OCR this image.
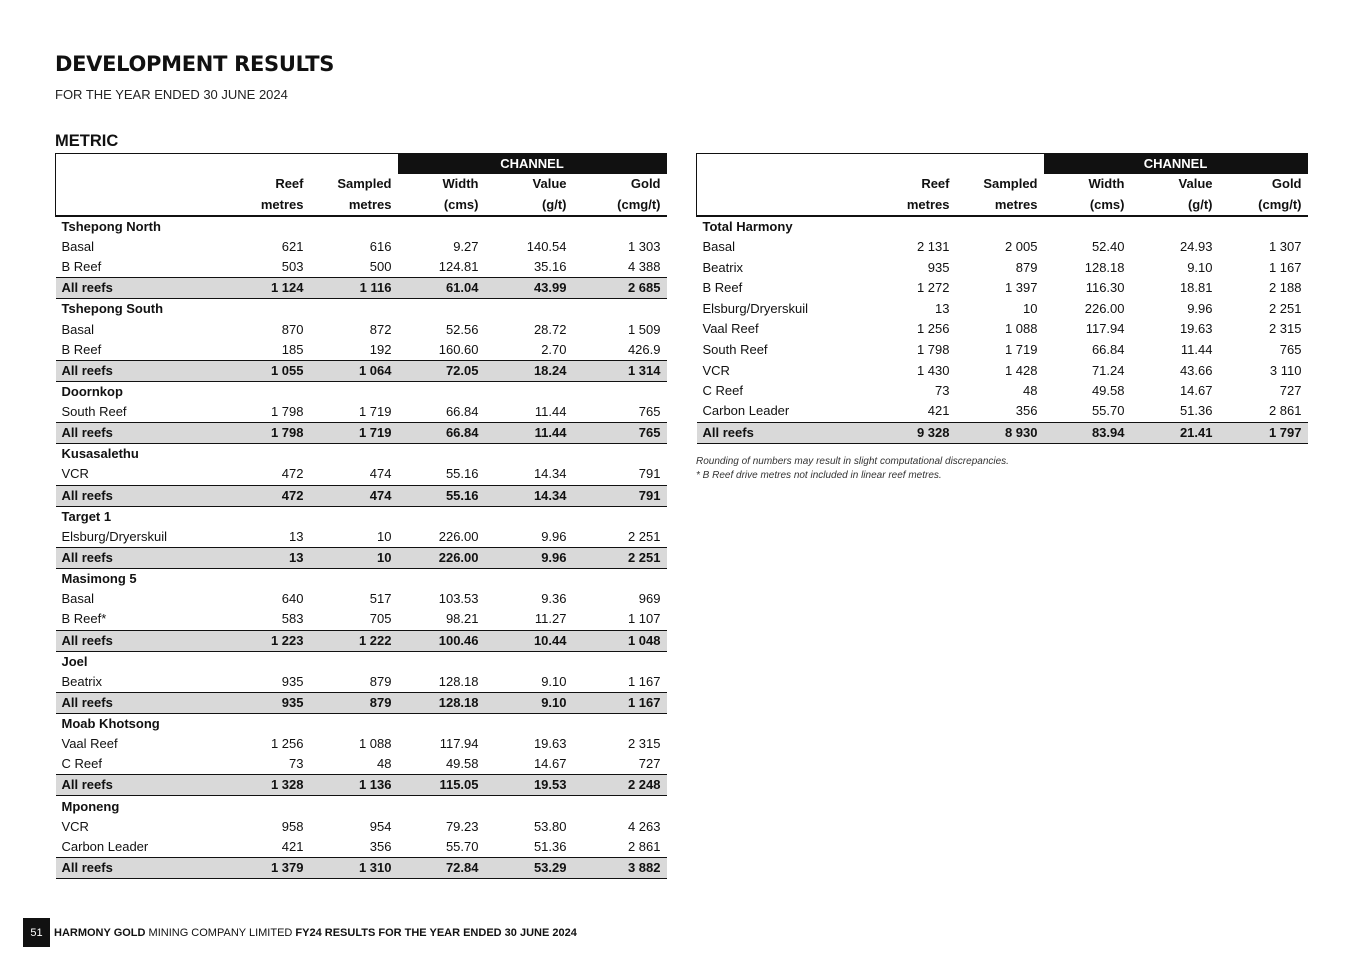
DEVELOPMENT RESULTS
FOR THE YEAR ENDED 30 JUNE 2024
METRIC
			CHANNEL		
	Reef	Sampled	Width	Value	Gold
	metres	metres	(cms)	(g/t)	(cmg/t)
Tshepong North					
Basal	621	616	9.27	140.54	1 303
B Reef	503	500	124.81	35.16	4 388
All reefs	1 124	1 116	61.04	43.99	2 685
Tshepong South					
Basal	870	872	52.56	28.72	1 509
B Reef	185	192	160.60	2.70	426.9
All reefs	1 055	1 064	72.05	18.24	1 314
Doornkop					
South Reef	1 798	1 719	66.84	11.44	765
All reefs	1 798	1 719	66.84	11.44	765
Kusasalethu					
VCR	472	474	55.16	14.34	791
All reefs	472	474	55.16	14.34	791
Target 1					
Elsburg/Dryerskuil	13	10	226.00	9.96	2 251
All reefs	13	10	226.00	9.96	2 251
Masimong 5					
Basal	640	517	103.53	9.36	969
B Reef*	583	705	98.21	11.27	1 107
All reefs	1 223	1 222	100.46	10.44	1 048
Joel					
Beatrix	935	879	128.18	9.10	1 167
All reefs	935	879	128.18	9.10	1 167
Moab Khotsong					
Vaal Reef	1 256	1 088	117.94	19.63	2 315
C Reef	73	48	49.58	14.67	727
All reefs	1 328	1 136	115.05	19.53	2 248
Mponeng					
VCR	958	954	79.23	53.80	4 263
Carbon Leader	421	356	55.70	51.36	2 861
All reefs	1 379	1 310	72.84	53.29	3 882
			CHANNEL		
	Reef	Sampled	Width	Value	Gold
	metres	metres	(cms)	(g/t)	(cmg/t)
Total Harmony					
Basal	2 131	2 005	52.40	24.93	1 307
Beatrix	935	879	128.18	9.10	1 167
B Reef	1 272	1 397	116.30	18.81	2 188
Elsburg/Dryerskuil	13	10	226.00	9.96	2 251
Vaal Reef	1 256	1 088	117.94	19.63	2 315
South Reef	1 798	1 719	66.84	11.44	765
VCR	1 430	1 428	71.24	43.66	3 110
C Reef	73	48	49.58	14.67	727
Carbon Leader	421	356	55.70	51.36	2 861
All reefs	9 328	8 930	83.94	21.41	1 797
Rounding of numbers may result in slight computational discrepancies.
* B Reef drive metres not included in linear reef metres.
51	HARMONY GOLD
MINING COMPANY LIMITED
FY24 RESULTS FOR THE YEAR ENDED 30 JUNE 2024
